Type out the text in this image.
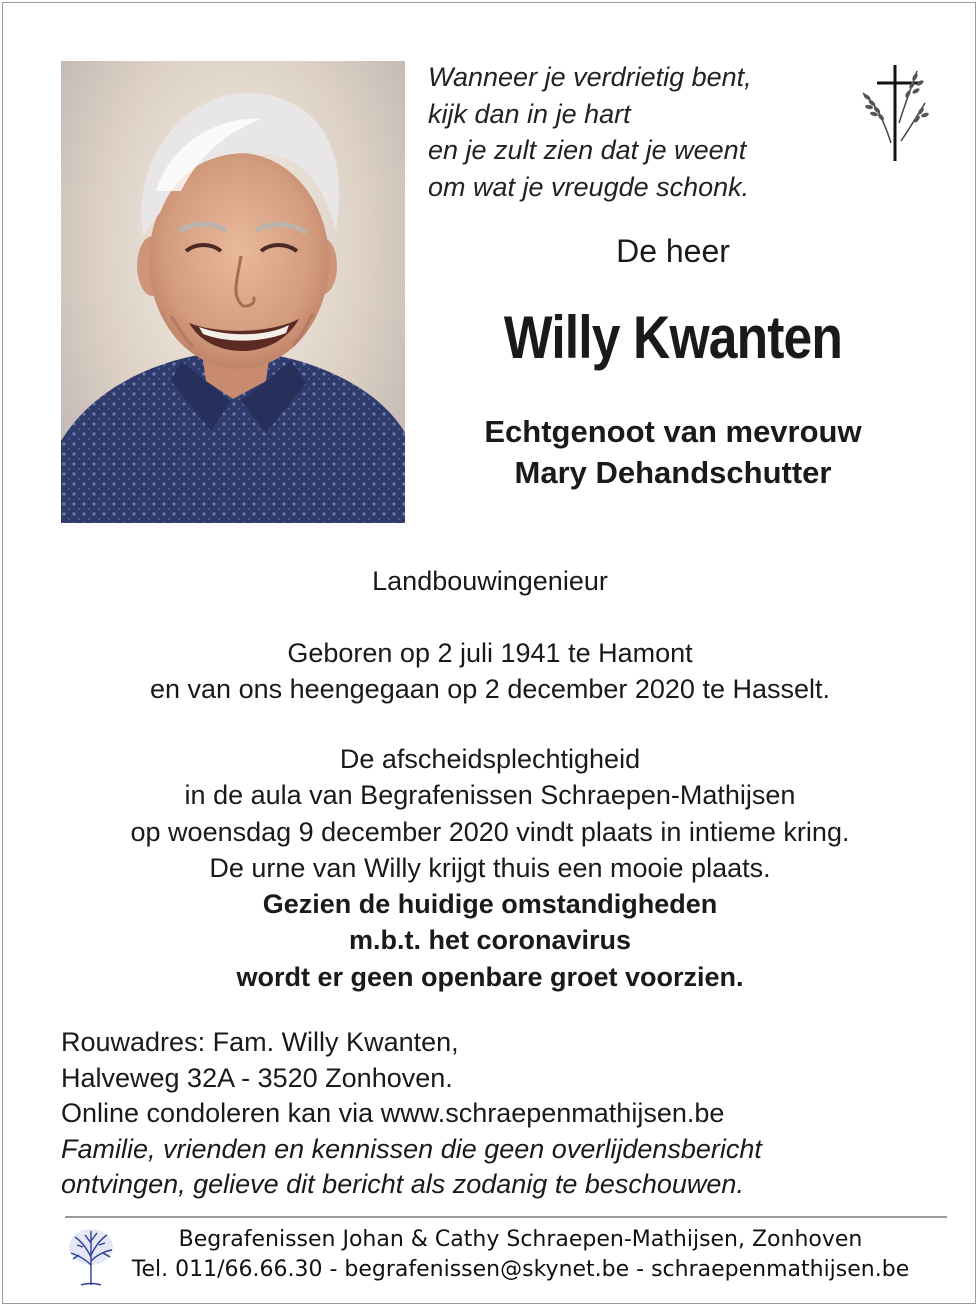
Wanneer je verdrietig bent,
kijk dan in je hart
en je zult zien dat je weent
om wat je vreugde schonk.
De heer
Willy Kwanten
Echtgenoot van mevrouw
Mary Dehandschutter
Landbouwingenieur
Geboren op 2 juli 1941 te Hamont
en van ons heengegaan op 2 december 2020 te Hasselt.
De afscheidsplechtigheid
in de aula van Begrafenissen Schraepen-Mathijsen
op woensdag 9 december 2020 vindt plaats in intieme kring.
De urne van Willy krijgt thuis een mooie plaats.
Gezien de huidige omstandigheden
m.b.t. het coronavirus
wordt er geen openbare groet voorzien.
Rouwadres: Fam. Willy Kwanten,
Halveweg 32A - 3520 Zonhoven.
Online condoleren kan via www.schraepenmathijsen.be
Familie, vrienden en kennissen die geen overlijdensbericht
ontvingen, gelieve dit bericht als zodanig te beschouwen.
Begrafenissen Johan & Cathy Schraepen-Mathijsen, Zonhoven
Tel. 011/66.66.30 - begrafenissen@skynet.be - schraepenmathijsen.be
